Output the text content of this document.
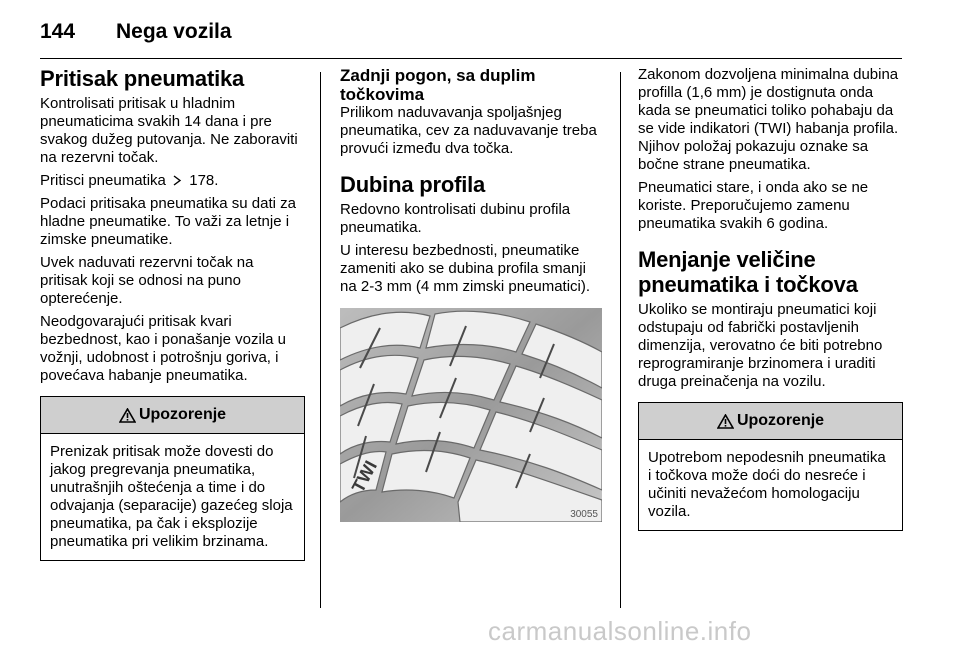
144 Nega vozila
Pritisak pneumatika

Kontrolisati pritisak u hladnim pneumaticima svakih 14 dana i pre svakog dužeg putovanja. Ne zaboraviti na rezervni točak.

Pritisci pneumatika 178.

Podaci pritisaka pneumatika su dati za hladne pneumatike. To važi za letnje i zimske pneumatike.

Uvek naduvati rezervni točak na pritisak koji se odnosi na puno opterećenje.

Neodgovarajući pritisak kvari bezbednost, kao i ponašanje vozila u vožnji, udobnost i potrošnju goriva, i povećava habanje pneumatika.

Upozorenje

Prenizak pritisak može dovesti do jakog pregrevanja pneumatika, unutrašnjih oštećenja a time i do odvajanja (separacije) gazećeg sloja pneumatika, pa čak i eksplozije pneumatika pri velikim brzinama.

Zadnji pogon, sa duplim točkovima

Prilikom naduvavanja spoljašnjeg pneumatika, cev za naduvavanje treba provući između dva točka.

Dubina profila

Redovno kontrolisati dubinu profila pneumatika.

U interesu bezbednosti, pneumatike zameniti ako se dubina profila smanji na 2-3 mm (4 mm zimski pneumatici).

TWI
30055

Zakonom dozvoljena minimalna dubina profilla (1,6 mm) je dostignuta onda kada se pneumatici toliko pohabaju da se vide indikatori (TWI) habanja profila. Njihov položaj pokazuju oznake sa bočne strane pneumatika.

Pneumatici stare, i onda ako se ne koriste. Preporučujemo zamenu pneumatika svakih 6 godina.

Menjanje veličine pneumatika i točkova

Ukoliko se montiraju pneumatici koji odstupaju od fabrički postavljenih dimenzija, verovatno će biti potrebno reprogramiranje brzinomera i uraditi druga preinačenja na vozilu.

Upozorenje

Upotrebom nepodesnih pneumatika i točkova može doći do nesreće i učiniti nevažećom homologaciju vozila.

carmanualsonline.info
